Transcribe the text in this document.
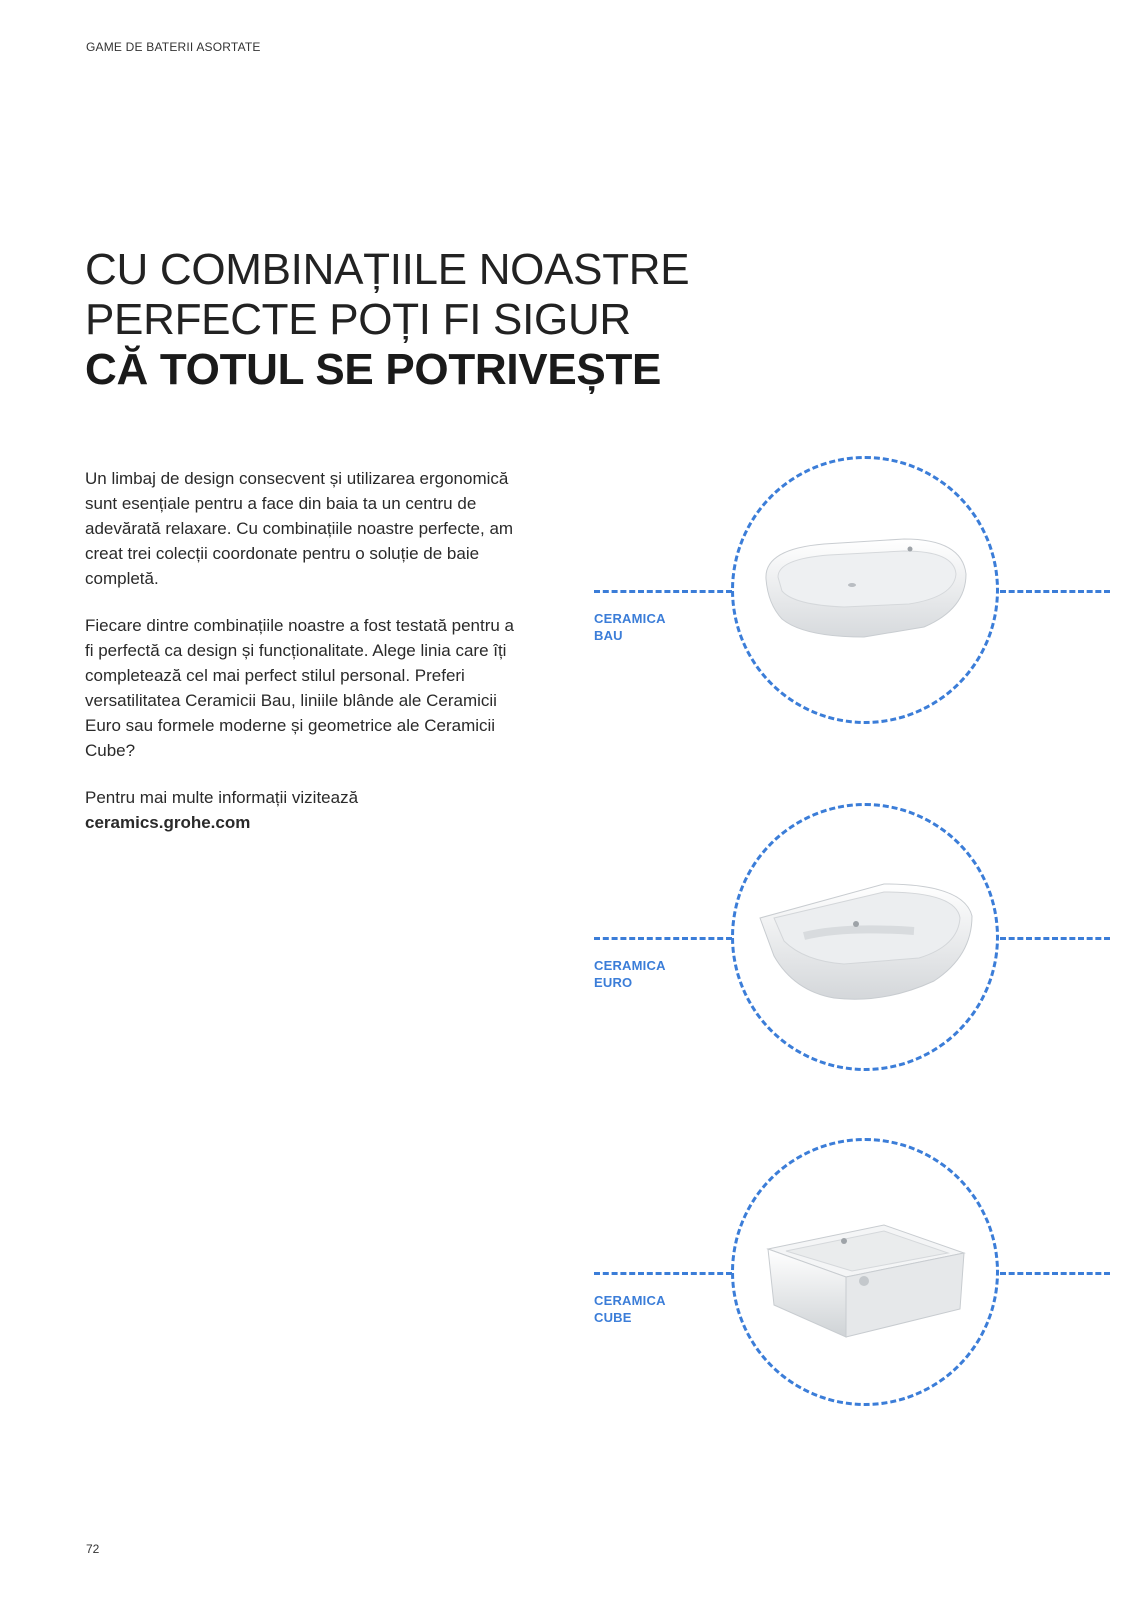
GAME DE BATERII ASORTATE
CU COMBINAȚIILE NOASTRE
PERFECTE POȚI FI SIGUR
CĂ TOTUL SE POTRIVEȘTE

Un limbaj de design consecvent și utilizarea ergonomică sunt esențiale pentru a face din baia ta un centru de adevărată relaxare. Cu combinațiile noastre perfecte, am creat trei colecții coordonate pentru o soluție de baie completă.

Fiecare dintre combinațiile noastre a fost testată pentru a fi perfectă ca design și funcționalitate. Alege linia care îți completează cel mai perfect stilul personal. Preferi versatilitatea Ceramicii Bau, liniile blânde ale Ceramicii Euro sau formele moderne și geometrice ale Ceramicii Cube?

Pentru mai multe informații vizitează
ceramics.grohe.com

CERAMICA
BAU
CERAMICA
EURO
CERAMICA
CUBE
72
